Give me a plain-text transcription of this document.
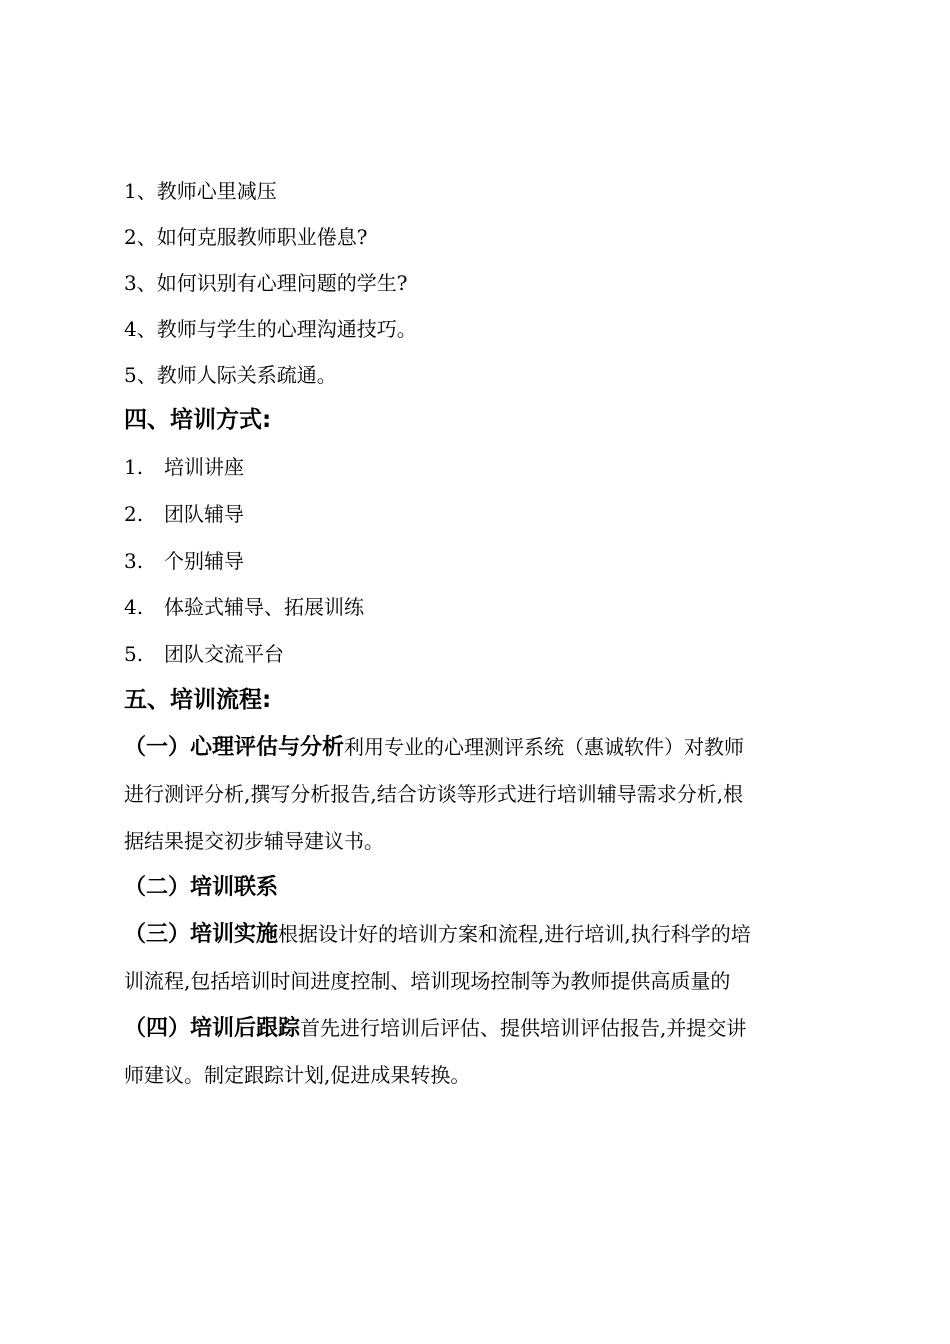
1、教师心里减压
2、如何克服教师职业倦息?
3、如何识别有心理问题的学生?
4、教师与学生的心理沟通技巧。
5、教师人际关系疏通。
四、培训方式:
1. 培训讲座
2. 团队辅导
3. 个别辅导
4. 体验式辅导、拓展训练
5. 团队交流平台
五、培训流程:
（一）心理评估与分析利用专业的心理测评系统（惠诚软件）对教师
进行测评分析,撰写分析报告,结合访谈等形式进行培训辅导需求分析,根
据结果提交初步辅导建议书。
（二）培训联系
（三）培训实施根据设计好的培训方案和流程,进行培训,执行科学的培
训流程,包括培训时间进度控制、培训现场控制等为教师提供高质量的
（四）培训后跟踪首先进行培训后评估、提供培训评估报告,并提交讲
师建议。制定跟踪计划,促进成果转换。
